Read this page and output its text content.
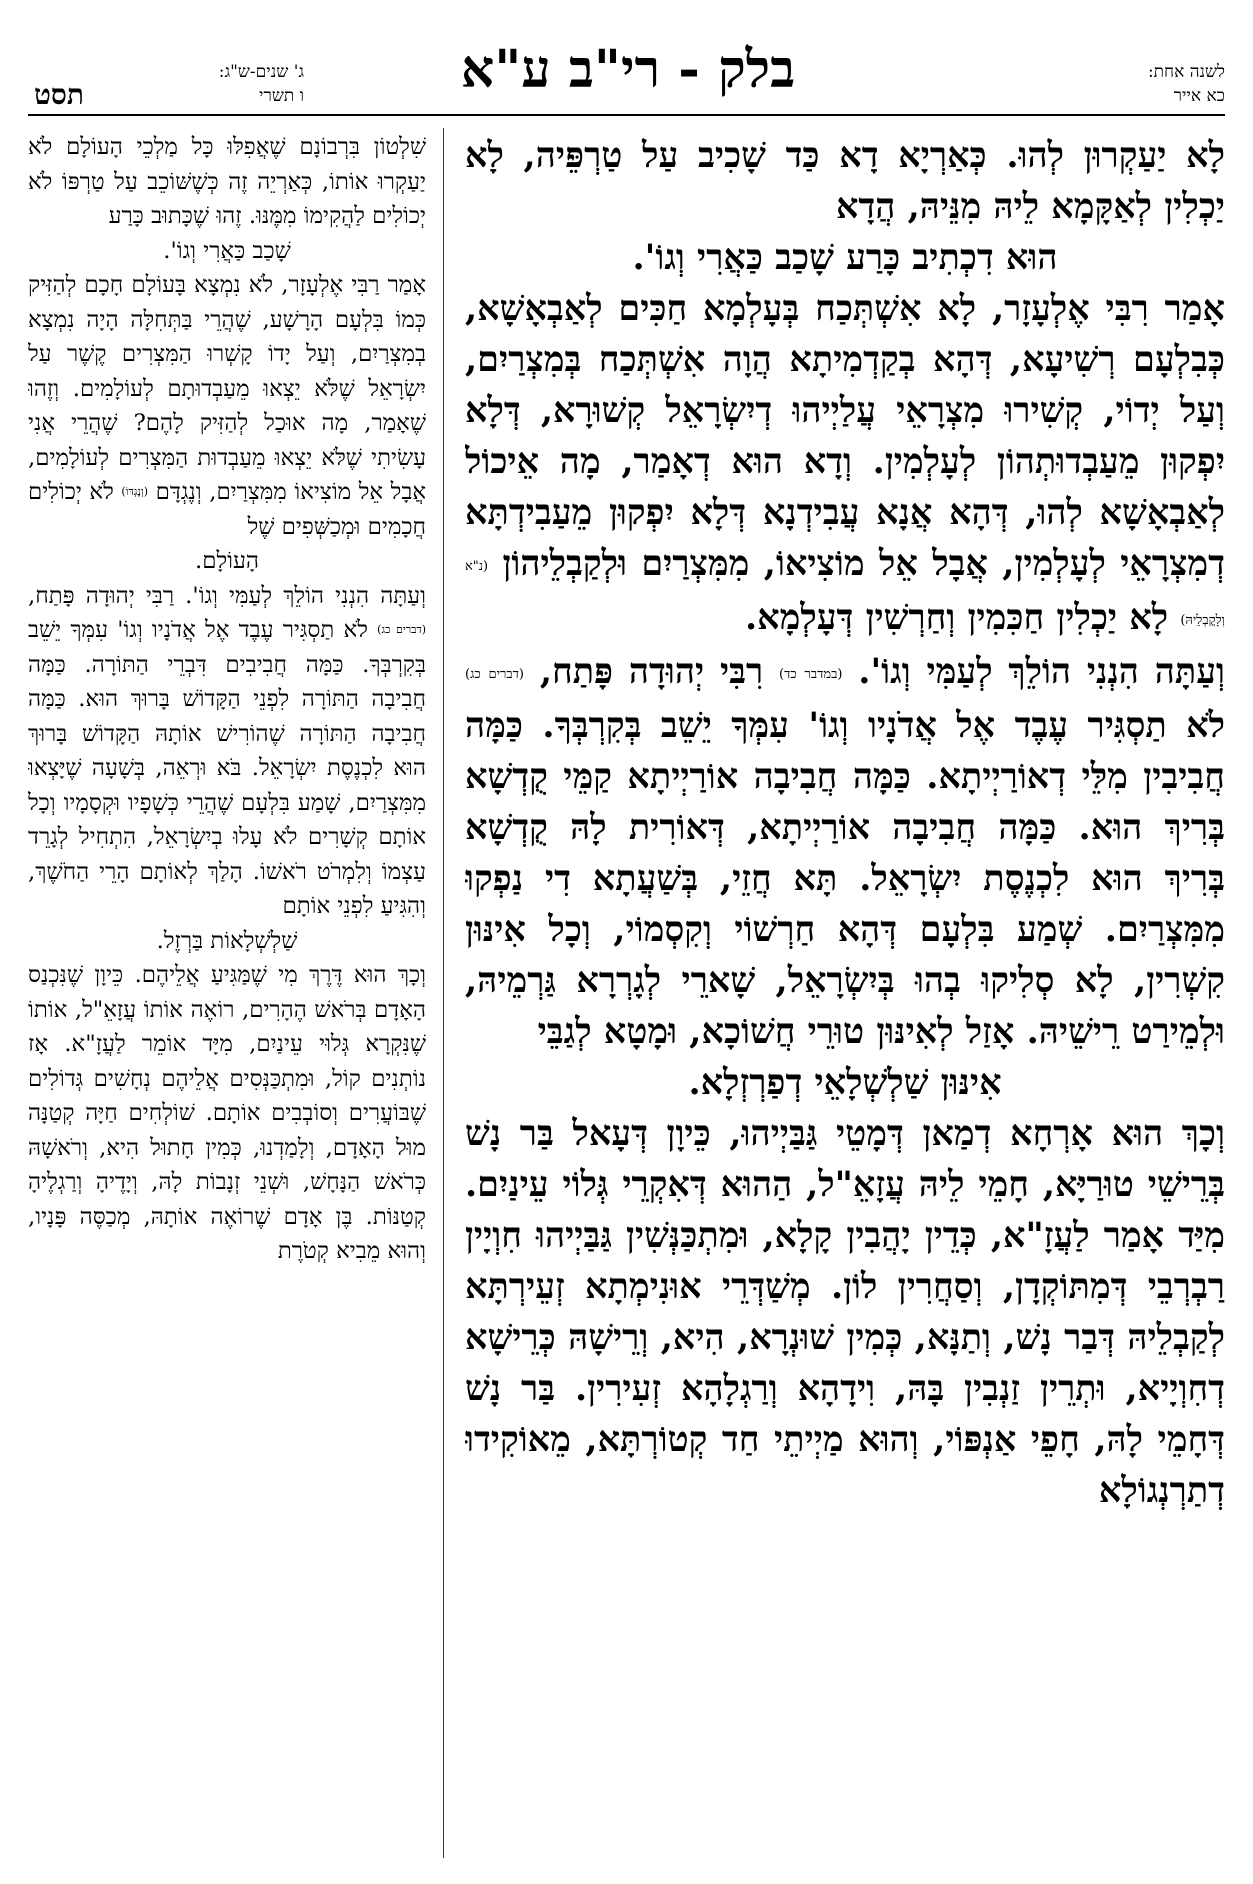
לשנה אחת:
כא אייר
בלק - רי"ב ע"א
ג' שנים-ש"ג:
ו תשרי
תסט

לָא יַעַקְרוּן לְהוּ. כְּאַרְיָא דָא כַּד שָׁכִיב עַל טַרְפֵּיה, לָא יַכְלִין לְאַקָּמָא לֵיהּ מִנֵּיהּ, הֲדָא

הוּא דִכְתִיב כָּרַע שָׁכַב כַּאֲרִי וְגוֹ'.

אָמַר רִבִּי אֶלְעָזָר, לָא אִשְׁתְּכַח בְּעָלְמָא חַכִּים לְאַבְאָשָׁא, כְּבִלְעָם רְשִׁיעָא, דְּהָא בְקַדְמִיתָא הֲוָה אִשְׁתְּכַח בְּמִצְרַיִם, וְעַל יְדוֹי, קְשִׁירוּ מִצְרָאֵי עֲלַיְיהוּ דְיִשְׂרָאֵל קְשׁוּרָא, דְּלָא יִפְקוּן מֵעַבְדוּתְהוֹן לְעָלְמִין. וְדָא הוּא דְאָמַר, מָה אֵיכוֹל לְאַבְאָשָׁא לְהוּ, דְּהָא אֲנָא עֲבִידְנָא דְּלָא יִפְקוּן מֵעַבִידְתָּא דְמִצְרָאֵי לְעָלְמִין, אֲבָל אֵל מוֹצִיאוֹ, מִמִּצְרַיִם וּלְקַבְלֵיהוֹן (נ"א וְלָקֳבְלֵיהּ) לָא יַכְלִין חַכִּמִין וְחַרְשִׁין דְּעָלְמָא.

וְעַתָּה הִנְנִי הוֹלֵךְ לְעַמִּי וְגוֹ'. (במדבר כד) רִבִּי יְהוּדָה פָּתַח, (דברים כג) לֹא תַסְגִּיר עֶבֶד אֶל אֲדֹנָיו וְגוֹ' עִמְּךָ יֵשֵׁב בְּקִרְבְּךָ. כַּמָּה חֲבִיבִין מִלֵּי דְאוֹרַיְיתָא. כַּמָּה חֲבִיבָה אוֹרַיְיתָא קַמֵּי קֻדְשָׁא בְּרִיךְ הוּא. כַּמָּה חֲבִיבָה אוֹרַיְיתָא, דְּאוֹרִית לָהּ קֻדְשָׁא בְּרִיךְ הוּא לִכְנֶסֶת יִשְׂרָאֵל. תָּא חֲזֵי, בְּשַׁעֲתָא דִי נַפְקוּ מִמִּצְרַיִם. שְׁמַע בִּלְעָם דְּהָא חַרְשׁוֹי וְקִסְמוֹי, וְכָל אִינּוּן קִשְׁרִין, לָא סְלִיקוּ בְהוּ בְּיִשְׂרָאֵל, שָׁארֵי לְגָרְרָא גַּרְמֵיהּ, וּלְמֵירַט רֵישֵׁיהּ. אָזַל לְאִינּוּן טוּרֵי חֲשׁוֹכָא, וּמָטָא לְגַבֵּי

אִינּוּן שַׁלְשְׁלָאֵי דְפַרְזְלָא.

וְכָךְ הוּא אָרְחָא דְמַאן דְּמָטֵי גַּבַּיְיהוּ, כֵּיוָן דְּעָאל בַּר נָשׁ בְּרֵישֵׁי טוּרַיָּא, חָמֵי לֵיהּ עֲזָאֵ"ל, הַהוּא דְּאִקְרֵי גְּלוֹי עֵינַיִם. מִיַּד אָמַר לַעֲזָ"א, כְּדֵין יָהֲבִין קָלָא, וּמִתְכַּנְּשִׁין גַּבַּיְיהוּ חִוְיָין רַבְרְבֵי דְּמִתּוֹקְדָן, וְסַחֲרִין לוֹן. מְשַׁדְּרֵי אוּנִימְתָא זְעֵירְתָּא לְקַבְלֵיהּ דְּבַר נָשׁ, וְתַנָּא, כְּמִין שׁוּנְרָא, הִיא, וְרֵישָׁהּ כְּרֵישָׁא דְחִוְיָיא, וּתְרֵין זַנְבִין בָּהּ, וִידָהָא וְרַגְלָהָא זְעִירִין. בַּר נָשׁ דְּחָמֵי לָהּ, חָפֵי אַנְפּוֹי, וְהוּא מַיְיתֵי חַד קְטוֹרְתָּא, מֵאוֹקִידוּ דְתַרְנְגוֹלָא

שִׁלְטוֹן בִּרְבוֹנָם שֶׁאֲפִלּוּ כָּל מַלְכֵי הָעוֹלָם לֹא יַעַקְרוּ אוֹתוֹ, כְּאַרְיֵה זֶה כְּשֶׁשּׁוֹכֵב עַל טַרְפּוֹ לֹא יְכוֹלִים לַהֲקִימוֹ מִמֶּנּוּ. זֶהוּ שֶׁכָּתוּב כָּרַע

שָׁכַב כַּאֲרִי וְגוֹ'.

אָמַר רַבִּי אֶלְעָזָר, לֹא נִמְצָא בָּעוֹלָם חָכָם לְהַזִּיק כְּמוֹ בִּלְעָם הָרָשָׁע, שֶׁהֲרֵי בַּתְּחִלָּה הָיָה נִמְצָא בְמִצְרַיִם, וְעַל יָדוֹ קָשְׁרוּ הַמִּצְרִים קֶשֶׁר עַל יִשְׂרָאֵל שֶׁלֹּא יֵצְאוּ מֵעַבְדוּתָם לְעוֹלָמִים. וְזֶהוּ שֶׁאָמַר, מָה אוּכַל לְהַזִּיק לָהֶם? שֶׁהֲרֵי אֲנִי עָשִׂיתִי שֶׁלֹּא יֵצְאוּ מֵעַבְדוּת הַמִּצְרִים לְעוֹלָמִים, אֲבָל אֵל מוֹצִיאוֹ מִמִּצְרַיִם, וְנֶגְדָּם (וְנֶגְדּוֹ) לֹא יְכוֹלִים חֲכָמִים וּמְכַשְּׁפִים שֶׁל

הָעוֹלָם.

וְעַתָּה הִנְנִי הוֹלֵךְ לְעַמִּי וְגוֹ'. רַבִּי יְהוּדָה פָּתַח, (דברים כג) לֹא תַסְגִּיר עֶבֶד אֶל אֲדֹנָיו וְגוֹ' עִמְּךָ יֵשֵׁב בְּקִרְבְּךָ. כַּמָּה חֲבִיבִים דִּבְרֵי הַתּוֹרָה. כַּמָּה חֲבִיבָה הַתּוֹרָה לִפְנֵי הַקָּדוֹשׁ בָּרוּךְ הוּא. כַּמָּה חֲבִיבָה הַתּוֹרָה שֶׁהוֹרִישׁ אוֹתָהּ הַקָּדוֹשׁ בָּרוּךְ הוּא לִכְנֶסֶת יִשְׂרָאֵל. בֹּא וּרְאֵה, בְּשָׁעָה שֶׁיָּצְאוּ מִמִּצְרַיִם, שָׁמַע בִּלְעָם שֶׁהֲרֵי כְּשָׁפָיו וּקְסָמָיו וְכָל אוֹתָם קְשָׁרִים לֹא עָלוּ בְיִשְׂרָאֵל, הִתְחִיל לְגָרֵד עַצְמוֹ וְלִמְרֹט רֹאשׁוֹ. הָלַךְ לְאוֹתָם הָרֵי הַחֹשֶׁךְ, וְהִגִּיעַ לִפְנֵי אוֹתָם

שַׁלְשְׁלָאוֹת בַּרְזֶל.

וְכָךְ הוּא דֶּרֶךְ מִי שֶׁמַּגִּיעַ אֲלֵיהֶם. כֵּיוָן שֶׁנִּכְנַס הָאָדָם בְּרֹאשׁ הֶהָרִים, רוֹאֶה אוֹתוֹ עֲזָאֵ"ל, אוֹתוֹ שֶׁנִּקְרָא גְּלוּי עֵינַיִם, מִיָּד אוֹמֵר לַעֲזָ"א. אָז נוֹתְנִים קוֹל, וּמִתְכַּנְּסִים אֲלֵיהֶם נְחָשִׁים גְּדוֹלִים שֶׁבּוֹעֲרִים וְסוֹבְבִים אוֹתָם. שׁוֹלְחִים חַיָּה קְטַנָּה מוּל הָאָדָם, וְלָמַדְנוּ, כְּמִין חָתוּל הִיא, וְרֹאשָׁהּ כְּרֹאשׁ הַנָּחָשׁ, וּשְׁנֵי זְנָבוֹת לָהּ, וְיָדֶיהָ וְרַגְלֶיהָ קְטַנּוֹת. בֶּן אָדָם שֶׁרוֹאֶה אוֹתָהּ, מְכַסֶּה פָּנָיו, וְהוּא מֵבִיא קְטֹרֶת
